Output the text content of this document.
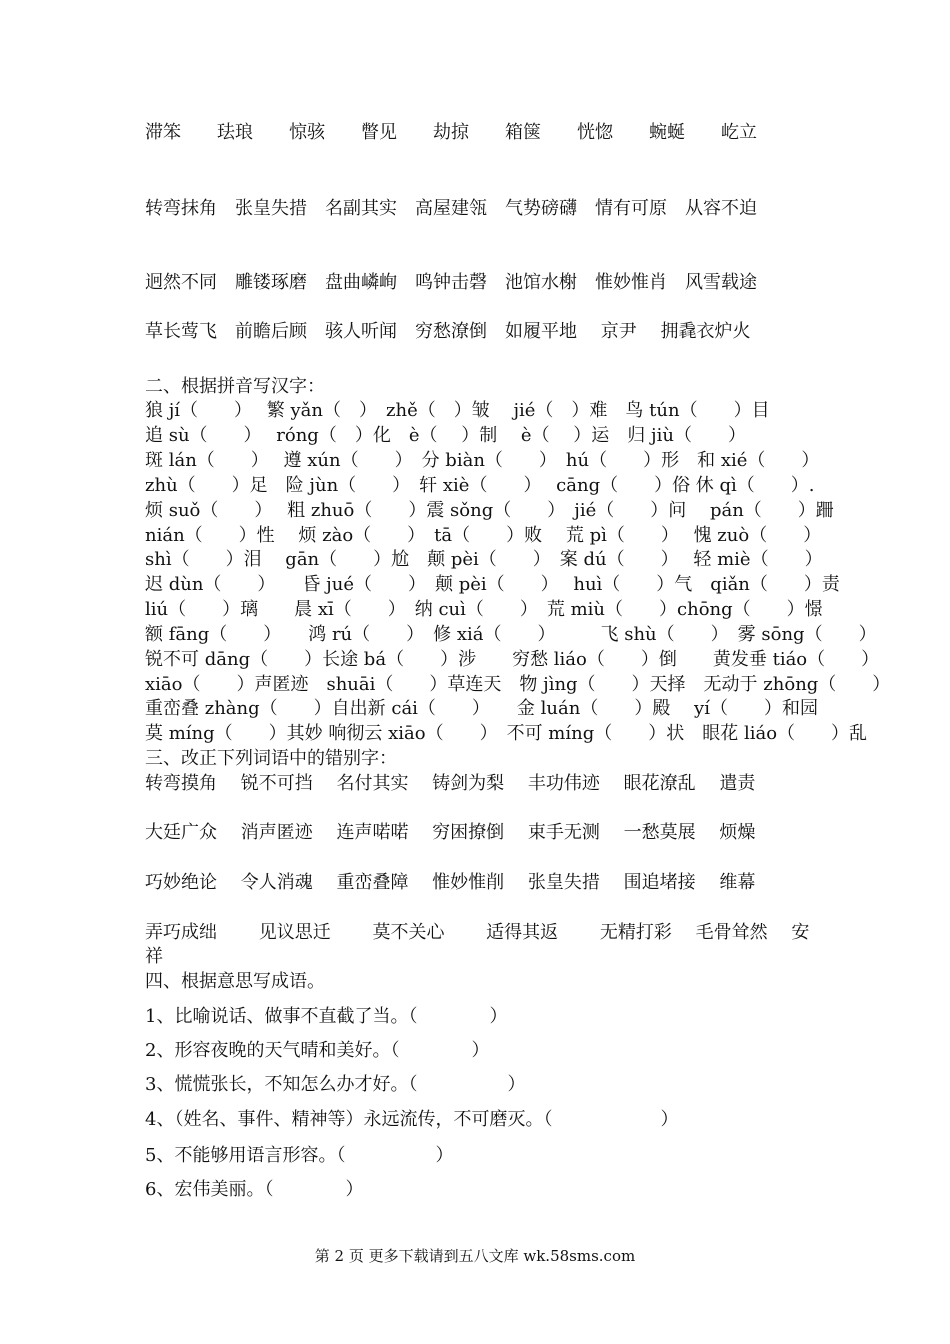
滞笨　　珐琅　　惊骇　　瞥见　　劫掠　　箱箧　　恍惚　　蜿蜒　　屹立
转弯抹角　张皇失措　名副其实　高屋建瓴　气势磅礴　情有可原　从容不迫
迥然不同　雕镂琢磨　盘曲嶙峋　鸣钟击磬　池馆水榭　惟妙惟肖　风雪载途
草长莺飞　前瞻后顾　骇人听闻　穷愁潦倒　如履平地　 京尹　 拥毳衣炉火
二、根据拼音写汉字：
狼 jí（　　）　 繁 yǎn（　）　zhě（　）皱　 jié（　）难　鸟 tún（　　）目
追 sù（　　）　 róng（　）化　è（　 ）制　 è（　 ）运　归 jiù（　　）
斑 lán（　　）　 遵 xún（　　）　分 biàn（　　）　hú（　　）形　和 xié（　　）
zhù（　　）足　险 jùn（　　）　轩 xiè（　　）　 cāng（　　）俗 休 qì（　　）.
烦 suǒ（　　）　 粗 zhuō（　　）震 sǒng（　　）　jié（　　）问　 pán（　　）跚
nián（　　）性　 烦 zào（　　）　tā（　　）败　 荒 pì（　　）　 愧 zuò（　　）
shì（　　）泪　 gān（　　）尬　颠 pèi（　　）　案 dú（　　）　 轻 miè（　　）
迟 dùn（　　）　　昏 jué（　　）　颠 pèi（　　）　 huì（　　）气　qiǎn（　　）责
liú（　　）璃　　晨 xī（　　）　纳 cuì（　　）　荒 miù（　　）chōng（　　）憬
额 fāng（　　）　　鸿 rú（　　）　修 xiá（　　）　　　飞 shù（　　）　雾 sōng（　　）
锐不可 dāng（　　）长途 bá（　　）涉　　穷愁 liáo（　　）倒　　黄发垂 tiáo（　　）
xiāo（　　）声匿迹　shuāi（　　）草连天　物 jìng（　　）天择　无动于 zhōng（　　）
重峦叠 zhàng（　　）自出新 cái（　　）　　金 luán（　　）殿　 yí（　　）和园
莫 míng（　　）其妙 响彻云 xiāo（　　）　不可 míng（　　）状　眼花 liáo（　　）乱
三、改正下列词语中的错别字：
转弯摸角　 锐不可挡　 名付其实　 铸剑为梨　 丰功伟迹　 眼花潦乱　 遣责
大廷广众　 消声匿迹　 连声喏喏　 穷困撩倒　 束手无测　 一愁莫展　 烦燥
巧妙绝论　 令人消魂　 重峦叠障　 惟妙惟削　 张皇失措　 围追堵接　 维幕
弄巧成绌　　 见议思迁　　 莫不关心　　 适得其返　　 无精打彩　 毛骨耸然　 安
祥
四、根据意思写成语。
1、比喻说话、做事不直截了当。（　　　　）
2、形容夜晚的天气晴和美好。（　　　　）
3、慌慌张长，不知怎么办才好。（　　　　　）
4、（姓名、事件、精神等）永远流传，不可磨灭。（　　　　　　）
5、不能够用语言形容。（　　　　　）
6、宏伟美丽。（　　　　）
第 2 页 更多下载请到五八文库 wk.58sms.com
